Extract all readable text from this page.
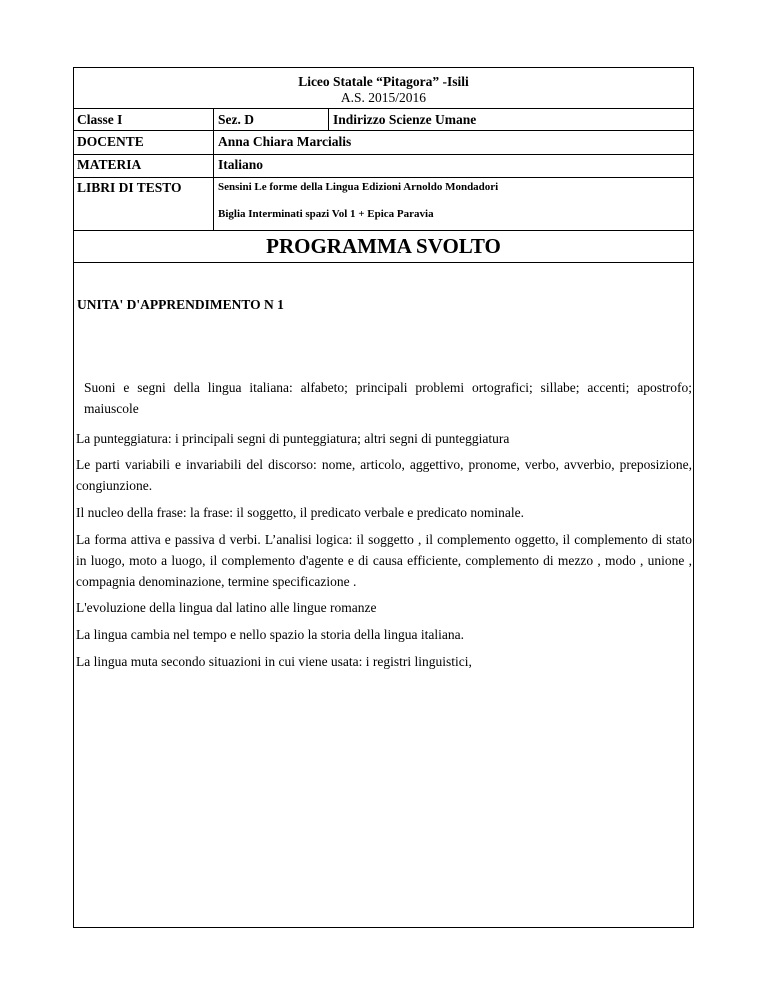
Liceo Statale “Pitagora” -Isili
A.S. 2015/2016
Classe I	Sez. D	Indirizzo Scienze Umane
DOCENTE	Anna Chiara Marcialis
MATERIA	Italiano
LIBRI DI TESTO	Sensini Le forme della Lingua Edizioni Arnoldo Mondadori
Biglia Interminati spazi Vol 1 + Epica Paravia
PROGRAMMA SVOLTO
UNITA' D'APPRENDIMENTO N 1
Suoni e segni della lingua italiana: alfabeto; principali problemi ortografici; sillabe; accenti; apostrofo; maiuscole
La punteggiatura: i principali segni di punteggiatura; altri segni di punteggiatura
Le parti variabili e invariabili del discorso: nome, articolo, aggettivo, pronome, verbo, avverbio, preposizione, congiunzione.
Il nucleo della frase: la frase: il soggetto, il predicato verbale e predicato nominale.
La forma attiva e passiva d verbi. L’analisi logica: il soggetto , il complemento oggetto, il complemento di stato in luogo, moto a luogo, il complemento d'agente e di causa efficiente, complemento di mezzo , modo , unione , compagnia denominazione, termine specificazione .
L'evoluzione della lingua dal latino alle lingue romanze
La lingua cambia nel tempo e nello spazio la storia della lingua italiana.
La lingua muta secondo situazioni in cui viene usata: i registri linguistici,
